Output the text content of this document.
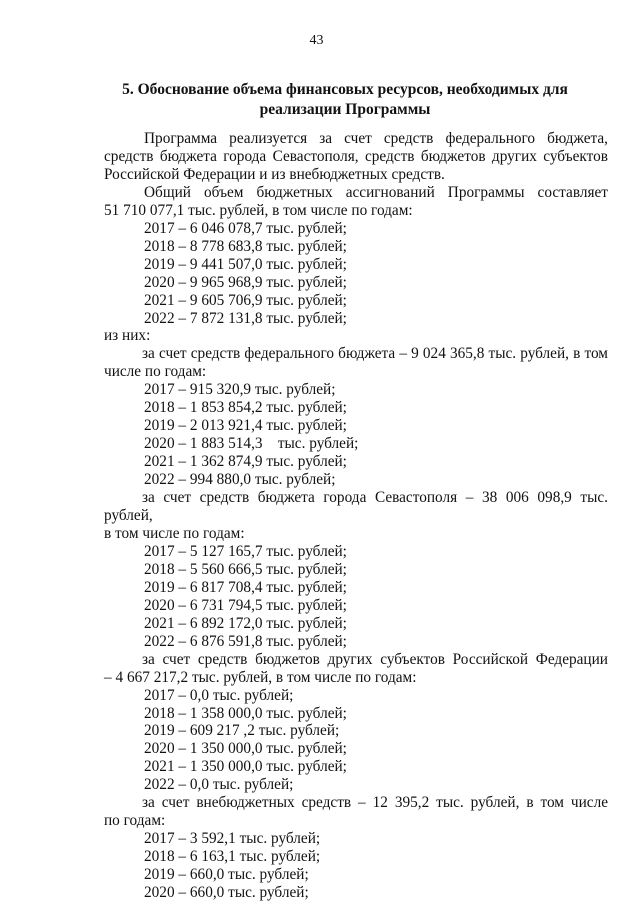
43
5. Обоснование объема финансовых ресурсов, необходимых для
реализации Программы

Программа реализуется за счет средств федерального бюджета, средств бюджета города Севастополя, средств бюджетов других субъектов Российской Федерации и из внебюджетных средств.

Общий объем бюджетных ассигнований Программы составляет

51 710 077,1 тыс. рублей, в том числе по годам:

2017 – 6 046 078,7 тыс. рублей;
2018 – 8 778 683,8 тыс. рублей;
2019 – 9 441 507,0 тыс. рублей;
2020 – 9 965 968,9 тыс. рублей;
2021 – 9 605 706,9 тыс. рублей;
2022 – 7 872 131,8 тыс. рублей;

из них:

за счет средств федерального бюджета – 9 024 365,8 тыс. рублей, в том

числе по годам:

2017 – 915 320,9 тыс. рублей;
2018 – 1 853 854,2 тыс. рублей;
2019 – 2 013 921,4 тыс. рублей;
2020 – 1 883 514,3    тыс. рублей;
2021 – 1 362 874,9 тыс. рублей;
2022 – 994 880,0 тыс. рублей;

за счет средств бюджета города Севастополя – 38 006 098,9 тыс. рублей,

в том числе по годам:

2017 – 5 127 165,7 тыс. рублей;
2018 – 5 560 666,5 тыс. рублей;
2019 – 6 817 708,4 тыс. рублей;
2020 – 6 731 794,5 тыс. рублей;
2021 – 6 892 172,0 тыс. рублей;
2022 – 6 876 591,8 тыс. рублей;

за счет средств бюджетов других субъектов Российской Федерации

– 4 667 217,2 тыс. рублей, в том числе по годам:

2017 – 0,0 тыс. рублей;
2018 – 1 358 000,0 тыс. рублей;
2019 – 609 217 ,2 тыс. рублей;
2020 – 1 350 000,0 тыс. рублей;
2021 – 1 350 000,0 тыс. рублей;
2022 – 0,0 тыс. рублей;

за счет внебюджетных средств – 12 395,2 тыс. рублей, в том числе

по годам:

2017 – 3 592,1 тыс. рублей;
2018 – 6 163,1 тыс. рублей;
2019 – 660,0 тыс. рублей;
2020 – 660,0 тыс. рублей;
